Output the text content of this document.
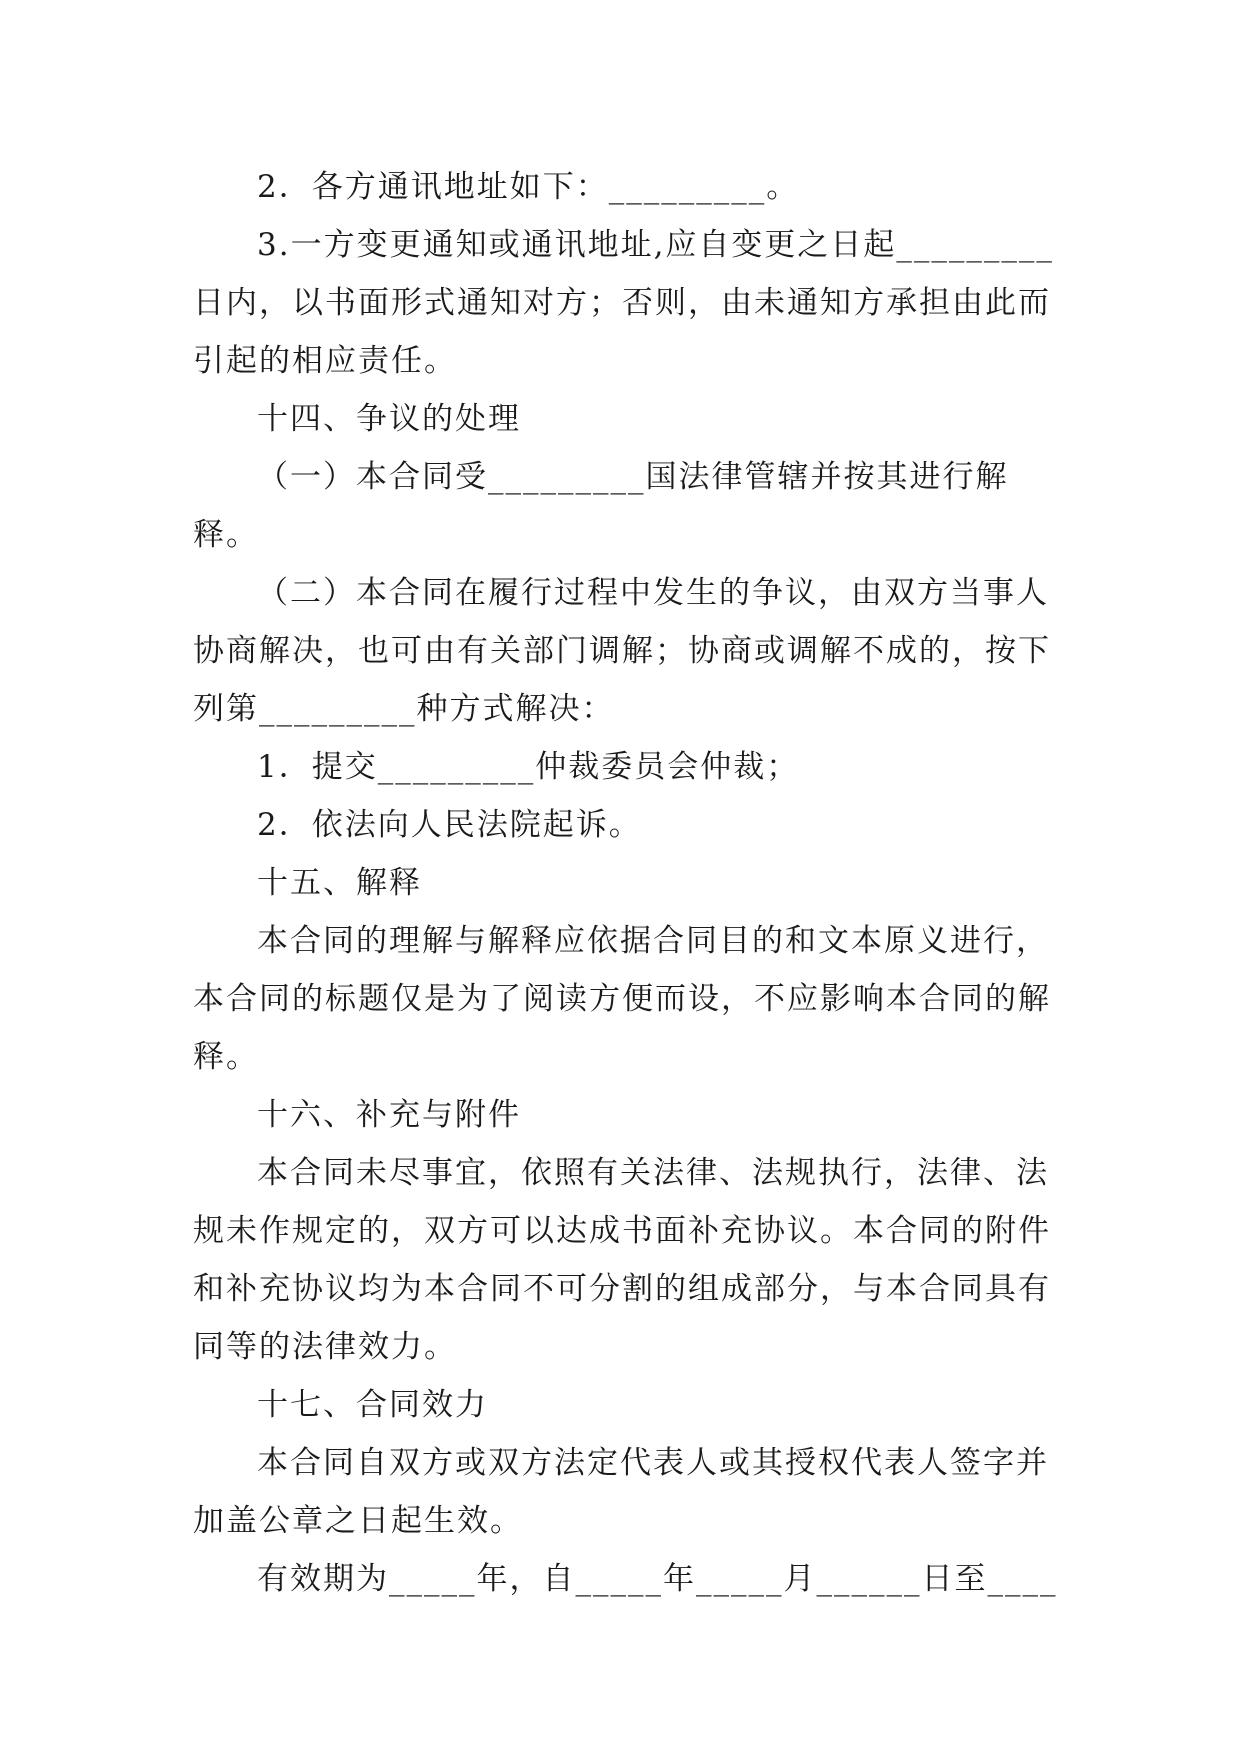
2．各方通讯地址如下：_________。

3.一方变更通知或通讯地址,应自变更之日起_________日内，以书面形式通知对方；否则，由未通知方承担由此而引起的相应责任。

十四、争议的处理

（一）本合同受_________国法律管辖并按其进行解释。

（二）本合同在履行过程中发生的争议，由双方当事人协商解决，也可由有关部门调解；协商或调解不成的，按下列第_________种方式解决：

1．提交_________仲裁委员会仲裁；

2．依法向人民法院起诉。

十五、解释

本合同的理解与解释应依据合同目的和文本原义进行，本合同的标题仅是为了阅读方便而设，不应影响本合同的解释。

十六、补充与附件

本合同未尽事宜，依照有关法律、法规执行，法律、法规未作规定的，双方可以达成书面补充协议。本合同的附件和补充协议均为本合同不可分割的组成部分，与本合同具有同等的法律效力。

十七、合同效力

本合同自双方或双方法定代表人或其授权代表人签字并加盖公章之日起生效。

有效期为_____年，自_____年_____月______日至____
